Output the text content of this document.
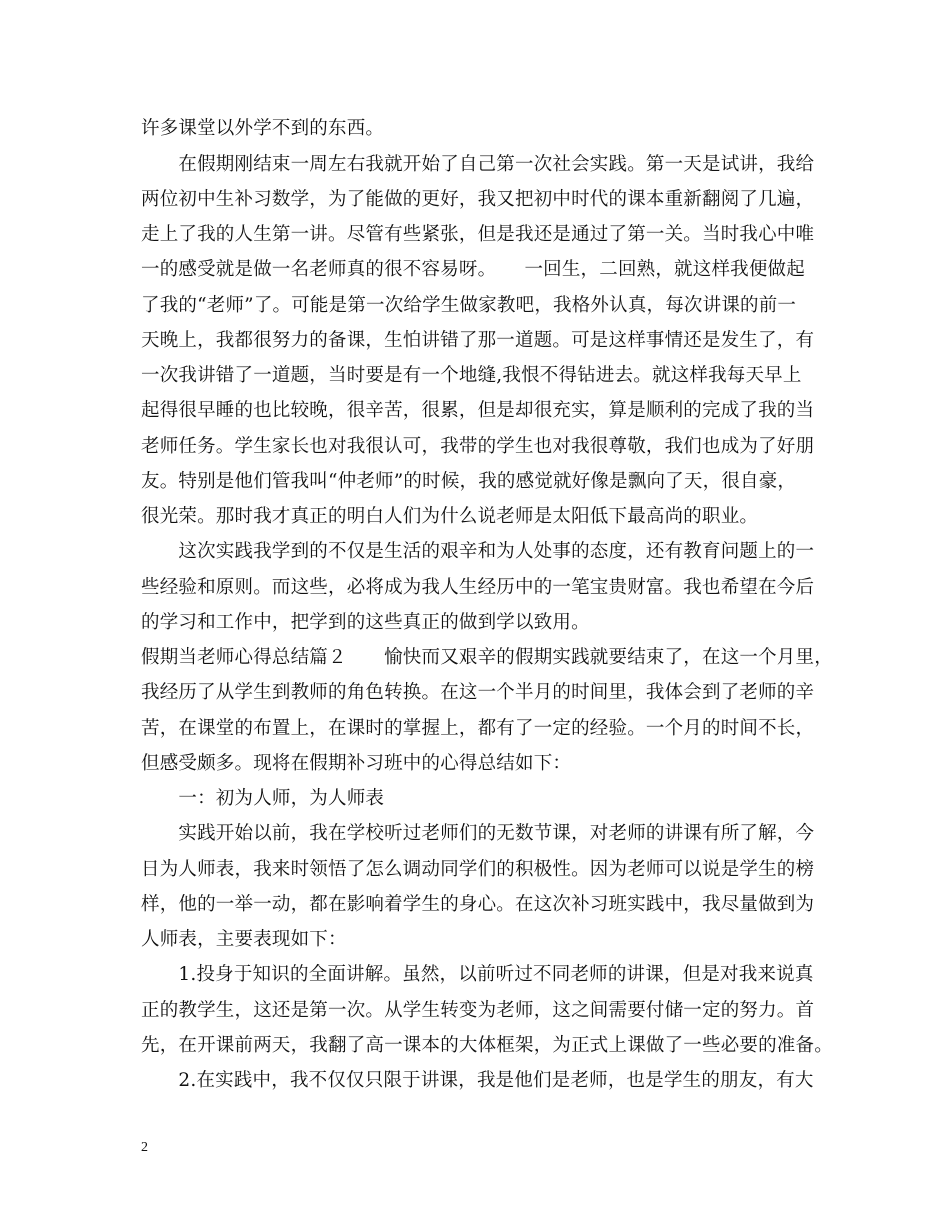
许多课堂以外学不到的东西。
　　在假期刚结束一周左右我就开始了自己第一次社会实践。第一天是试讲，我给
两位初中生补习数学，为了能做的更好，我又把初中时代的课本重新翻阅了几遍，
走上了我的人生第一讲。尽管有些紧张，但是我还是通过了第一关。当时我心中唯
一的感受就是做一名老师真的很不容易呀。　　一回生，二回熟，就这样我便做起
了我的“老师”了。可能是第一次给学生做家教吧，我格外认真，每次讲课的前一
天晚上，我都很努力的备课，生怕讲错了那一道题。可是这样事情还是发生了，有
一次我讲错了一道题，当时要是有一个地缝,我恨不得钻进去。就这样我每天早上
起得很早睡的也比较晚，很辛苦，很累，但是却很充实，算是顺利的完成了我的当
老师任务。学生家长也对我很认可，我带的学生也对我很尊敬，我们也成为了好朋
友。特别是他们管我叫“仲老师”的时候，我的感觉就好像是飘向了天，很自豪，
很光荣。那时我才真正的明白人们为什么说老师是太阳低下最高尚的职业。
　　这次实践我学到的不仅是生活的艰辛和为人处事的态度，还有教育问题上的一
些经验和原则。而这些，必将成为我人生经历中的一笔宝贵财富。我也希望在今后
的学习和工作中，把学到的这些真正的做到学以致用。
假期当老师心得总结篇２　　愉快而又艰辛的假期实践就要结束了，在这一个月里，
我经历了从学生到教师的角色转换。在这一个半月的时间里，我体会到了老师的辛
苦，在课堂的布置上，在课时的掌握上，都有了一定的经验。一个月的时间不长，
但感受颇多。现将在假期补习班中的心得总结如下：
　　一：初为人师，为人师表
　　实践开始以前，我在学校听过老师们的无数节课，对老师的讲课有所了解，今
日为人师表，我来时领悟了怎么调动同学们的积极性。因为老师可以说是学生的榜
样，他的一举一动，都在影响着学生的身心。在这次补习班实践中，我尽量做到为
人师表，主要表现如下：
　　1.投身于知识的全面讲解。虽然，以前听过不同老师的讲课，但是对我来说真
正的教学生，这还是第一次。从学生转变为老师，这之间需要付储一定的努力。首
先，在开课前两天，我翻了高一课本的大体框架，为正式上课做了一些必要的准备。
　　2.在实践中，我不仅仅只限于讲课，我是他们是老师，也是学生的朋友，有大
2
